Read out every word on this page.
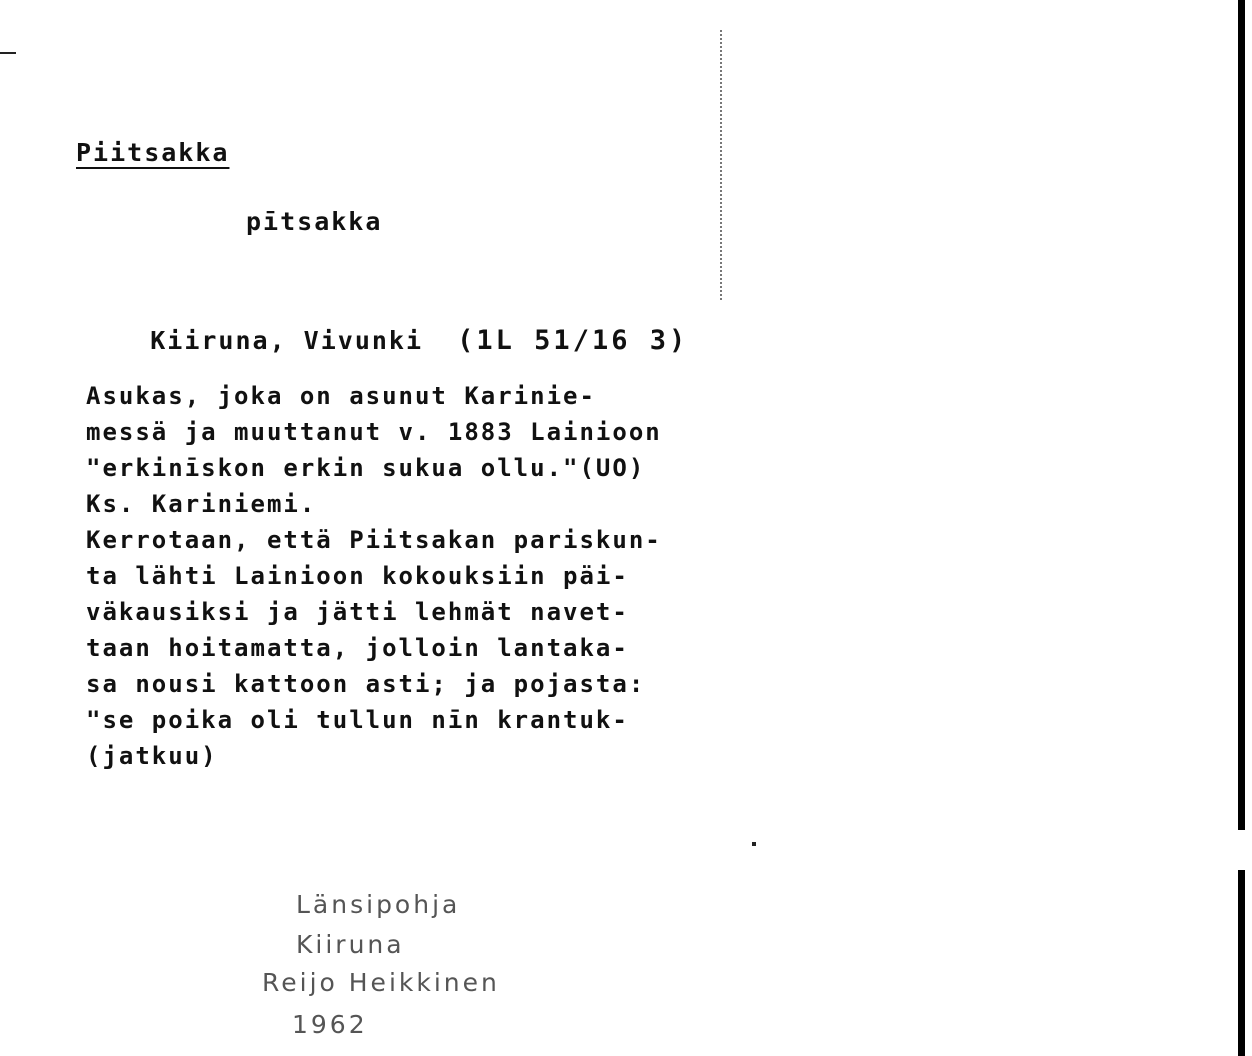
Piitsakka
pītsakka

Kiiruna, Vivunki (1L 51/16 3)

Asukas, joka on asunut Karinie-
messä ja muuttanut v. 1883 Lainioon
"erkinīskon erkin sukua ollu."(UO)
Ks. Kariniemi.
Kerrotaan, että Piitsakan pariskun-
ta lähti Lainioon kokouksiin päi-
väkausiksi ja jätti lehmät navet-
taan hoitamatta, jolloin lantaka-
sa nousi kattoon asti; ja pojasta:
"se poika oli tullun nīn krantuk-
(jatkuu)
Länsipohja
Kiiruna
Reijo Heikkinen
1962
